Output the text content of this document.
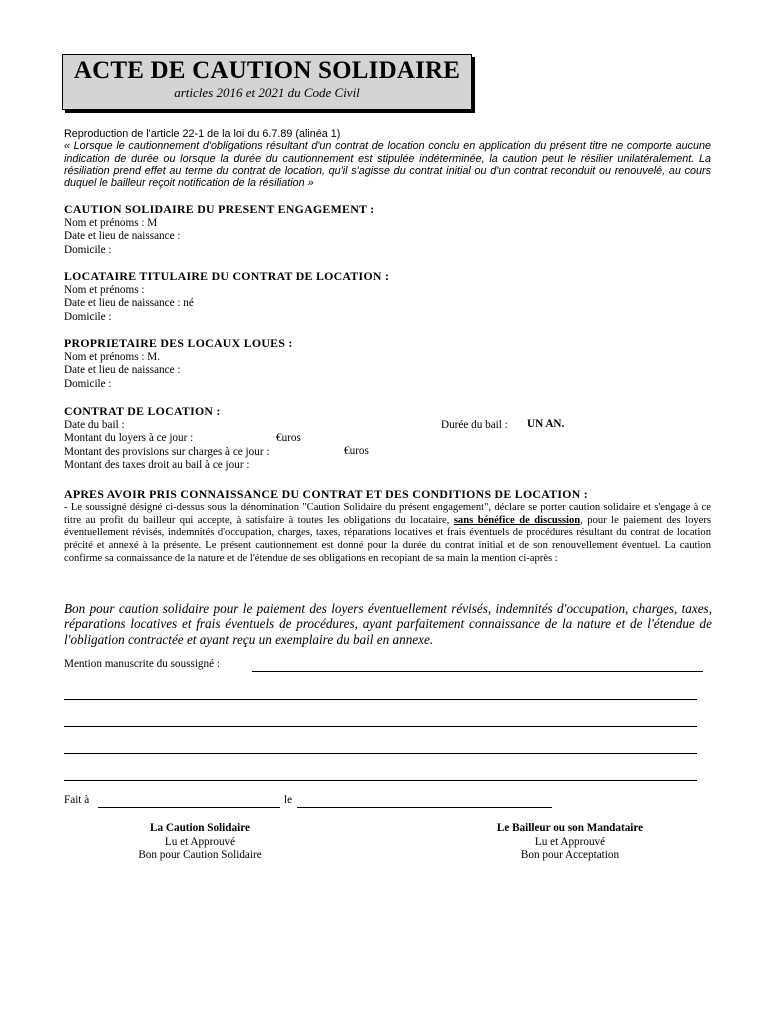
ACTE DE CAUTION SOLIDAIRE
articles 2016 et 2021 du Code Civil
Reproduction de l'article 22-1 de la loi du 6.7.89 (alinéa 1)
« Lorsque le cautionnement d'obligations résultant d'un contrat de location conclu en application du présent titre ne comporte aucune indication de durée ou lorsque la durée du cautionnement est stipulée indéterminée, la caution peut le résilier unilatéralement. La résiliation prend effet au terme du contrat de location, qu'il s'agisse du contrat initial ou d'un contrat reconduit ou renouvelé, au cours duquel le bailleur reçoit notification de la résiliation »
CAUTION SOLIDAIRE DU PRESENT ENGAGEMENT :
Nom et prénoms : M
Date et lieu de naissance :
Domicile :
LOCATAIRE TITULAIRE DU CONTRAT DE LOCATION :
Nom et prénoms :
Date et lieu de naissance : né
Domicile :
PROPRIETAIRE DES LOCAUX LOUES :
Nom et prénoms : M.
Date et lieu de naissance :
Domicile :
CONTRAT DE LOCATION :
Date du bail :
Montant du loyers à ce jour :
Montant des provisions sur charges à ce jour :
Montant des taxes droit au bail à ce jour :
Durée du bail : UN AN.
€uros
€uros
APRES AVOIR PRIS CONNAISSANCE DU CONTRAT ET DES CONDITIONS DE LOCATION :
- Le soussigné désigné ci-dessus sous la dénomination "Caution Solidaire du présent engagement", déclare se porter caution solidaire et s'engage à ce titre au profit du bailleur qui accepte, à satisfaire à toutes les obligations du locataire, sans bénéfice de discussion, pour le paiement des loyers éventuellement révisés, indemnités d'occupation, charges, taxes, réparations locatives et frais éventuels de procédures résultant du contrat de location précité et annexé à la présente. Le présent cautionnement est donné pour la durée du contrat initial et de son renouvellement éventuel. La caution confirme sa connaissance de la nature et de l'étendue de ses obligations en recopiant de sa main la mention ci-après :
Bon pour caution solidaire pour le paiement des loyers éventuellement révisés, indemnités d'occupation, charges, taxes, réparations locatives et frais éventuels de procédures, ayant parfaitement connaissance de la nature et de l'étendue de l'obligation contractée et ayant reçu un exemplaire du bail en annexe.
Mention manuscrite du soussigné :
Fait à	le
La Caution Solidaire
Lu et Approuvé
Bon pour Caution Solidaire
Le Bailleur ou son Mandataire
Lu et Approuvé
Bon pour Acceptation
